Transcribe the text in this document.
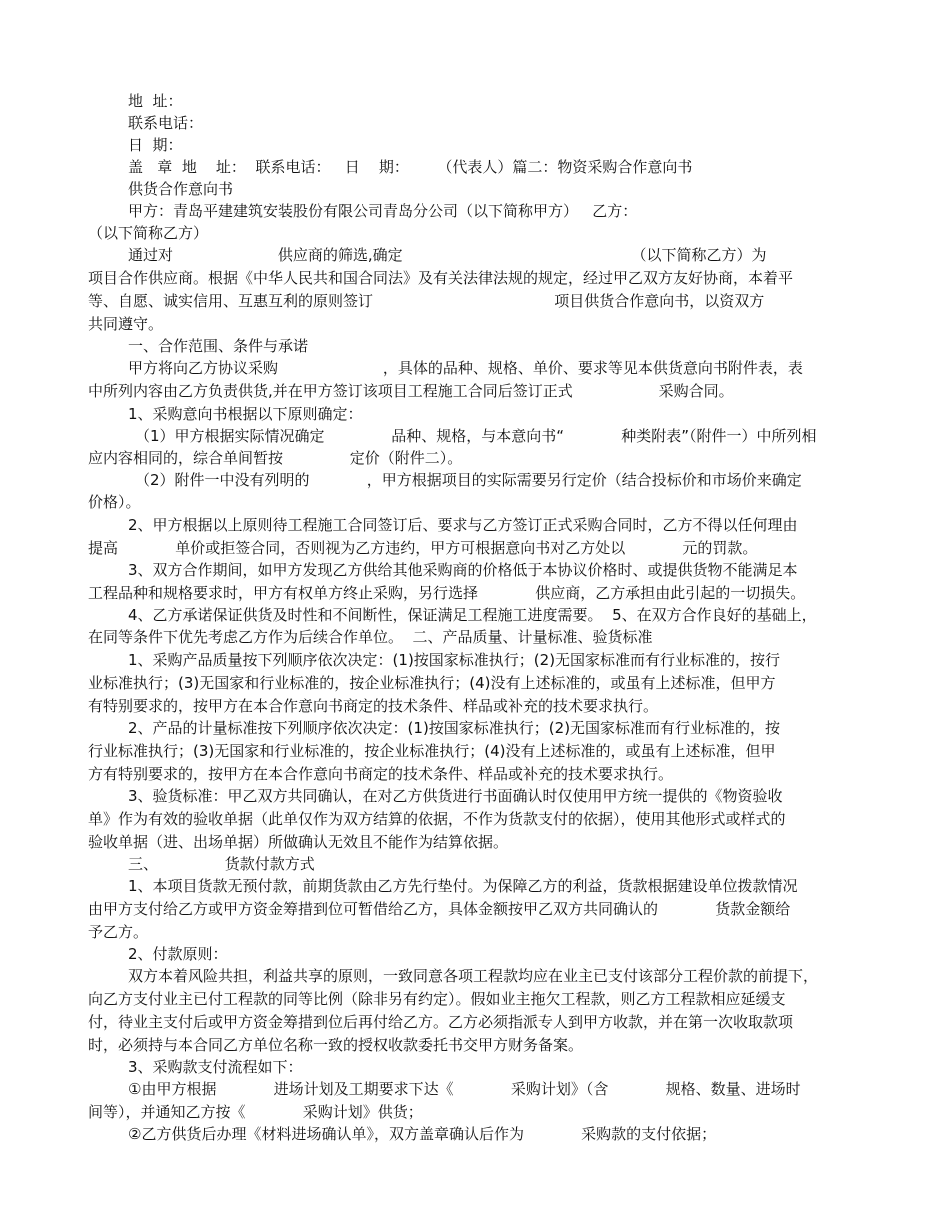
地  址：
联系电话：
日  期：
盖   章  地    址：  联系电话：   日    期：      （代表人）篇二：物资采购合作意向书
供货合作意向书
甲方：青岛平建建筑安装股份有限公司青岛分公司（以下简称甲方）   乙方：
（以下简称乙方）
通过对                      供应商的筛选,确定                                                （以下简称乙方）为
项目合作供应商。根据《中华人民共和国合同法》及有关法律法规的规定，经过甲乙双方友好协商，本着平
等、自愿、诚实信用、互惠互利的原则签订                                      项目供货合作意向书，以资双方
共同遵守。
一、合作范围、条件与承诺
甲方将向乙方协议采购                      ，具体的品种、规格、单价、要求等见本供货意向书附件表，表
中所列内容由乙方负责供货,并在甲方签订该项目工程施工合同后签订正式                  采购合同。
1、采购意向书根据以下原则确定：
（1）甲方根据实际情况确定              品种、规格，与本意向书“            种类附表”（附件一）中所列相
应内容相同的，综合单间暂按              定价（附件二）。
（2）附件一中没有列明的            ，甲方根据项目的实际需要另行定价（结合投标价和市场价来确定
价格）。
2、甲方根据以上原则待工程施工合同签订后、要求与乙方签订正式采购合同时，乙方不得以任何理由
提高            单价或拒签合同，否则视为乙方违约，甲方可根据意向书对乙方处以            元的罚款。
3、双方合作期间，如甲方发现乙方供给其他采购商的价格低于本协议价格时、或提供货物不能满足本
工程品种和规格要求时，甲方有权单方终止采购，另行选择            供应商，乙方承担由此引起的一切损失。
4、乙方承诺保证供货及时性和不间断性，保证满足工程施工进度需要。  5、在双方合作良好的基础上，
在同等条件下优先考虑乙方作为后续合作单位。  二、产品质量、计量标准、验货标准
1、采购产品质量按下列顺序依次决定：(1)按国家标准执行；(2)无国家标准而有行业标准的，按行
业标准执行；(3)无国家和行业标准的，按企业标准执行；(4)没有上述标准的，或虽有上述标准，但甲方
有特别要求的，按甲方在本合作意向书商定的技术条件、样品或补充的技术要求执行。
2、产品的计量标准按下列顺序依次决定：(1)按国家标准执行；(2)无国家标准而有行业标准的，按
行业标准执行；(3)无国家和行业标准的，按企业标准执行；(4)没有上述标准的，或虽有上述标准，但甲
方有特别要求的，按甲方在本合作意向书商定的技术条件、样品或补充的技术要求执行。
3、验货标准：甲乙双方共同确认，在对乙方供货进行书面确认时仅使用甲方统一提供的《物资验收
单》作为有效的验收单据（此单仅作为双方结算的依据，不作为货款支付的依据），使用其他形式或样式的
验收单据（进、出场单据）所做确认无效且不能作为结算依据。
三、              货款付款方式
1、本项目货款无预付款，前期货款由乙方先行垫付。为保障乙方的利益，货款根据建设单位拨款情况
由甲方支付给乙方或甲方资金筹措到位可暂借给乙方，具体金额按甲乙双方共同确认的            货款金额给
予乙方。
2、付款原则：
双方本着风险共担，利益共享的原则，一致同意各项工程款均应在业主已支付该部分工程价款的前提下，
向乙方支付业主已付工程款的同等比例（除非另有约定）。假如业主拖欠工程款，则乙方工程款相应延缓支
付，待业主支付后或甲方资金筹措到位后再付给乙方。乙方必须指派专人到甲方收款，并在第一次收取款项
时，必须持与本合同乙方单位名称一致的授权收款委托书交甲方财务备案。
3、采购款支付流程如下：
①由甲方根据            进场计划及工期要求下达《            采购计划》（含            规格、数量、进场时
间等），并通知乙方按《            采购计划》供货；
②乙方供货后办理《材料进场确认单》，双方盖章确认后作为            采购款的支付依据；
